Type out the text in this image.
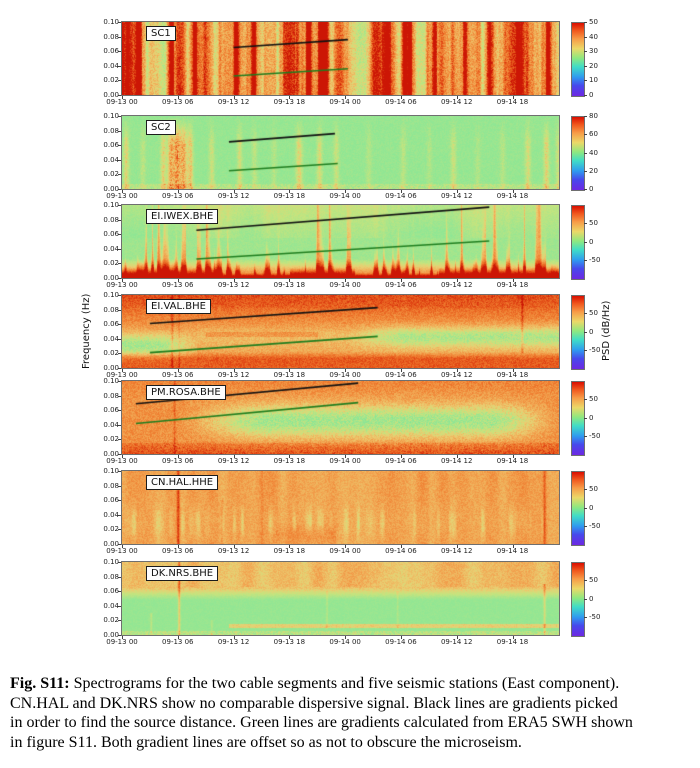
Frequency (Hz)	PSD (dB/Hz)
SC1
0.10
0.08
0.06
0.04
0.02
0.00
09-13 00	09-13 06	09-13 12	09-13 18	09-14 00	09-14 06	09-14 12	09-14 18
50
40
30
20
10
0
SC2
0.10
0.08
0.06
0.04
0.02
0.00
09-13 00	09-13 06	09-13 12	09-13 18	09-14 00	09-14 06	09-14 12	09-14 18
80
60
40
20
0
EI.IWEX.BHE
0.10
0.08
0.06
0.04
0.02
0.00
09-13 00	09-13 06	09-13 12	09-13 18	09-14 00	09-14 06	09-14 12	09-14 18
50
0
-50
EI.VAL.BHE
0.10
0.08
0.06
0.04
0.02
0.00
09-13 00	09-13 06	09-13 12	09-13 18	09-14 00	09-14 06	09-14 12	09-14 18
50
0
-50
PM.ROSA.BHE
0.10
0.08
0.06
0.04
0.02
0.00
09-13 00	09-13 06	09-13 12	09-13 18	09-14 00	09-14 06	09-14 12	09-14 18
50
0
-50
CN.HAL.HHE
0.10
0.08
0.06
0.04
0.02
0.00
09-13 00	09-13 06	09-13 12	09-13 18	09-14 00	09-14 06	09-14 12	09-14 18
50
0
-50
DK.NRS.BHE
0.10
0.08
0.06
0.04
0.02
0.00
09-13 00	09-13 06	09-13 12	09-13 18	09-14 00	09-14 06	09-14 12	09-14 18
50
0
-50
Fig. S11: Spectrograms for the two cable segments and five seismic stations (East component).
CN.HAL and DK.NRS show no comparable dispersive signal. Black lines are gradients picked
in order to find the source distance. Green lines are gradients calculated from ERA5 SWH shown
in figure S11. Both gradient lines are offset so as not to obscure the microseism.
